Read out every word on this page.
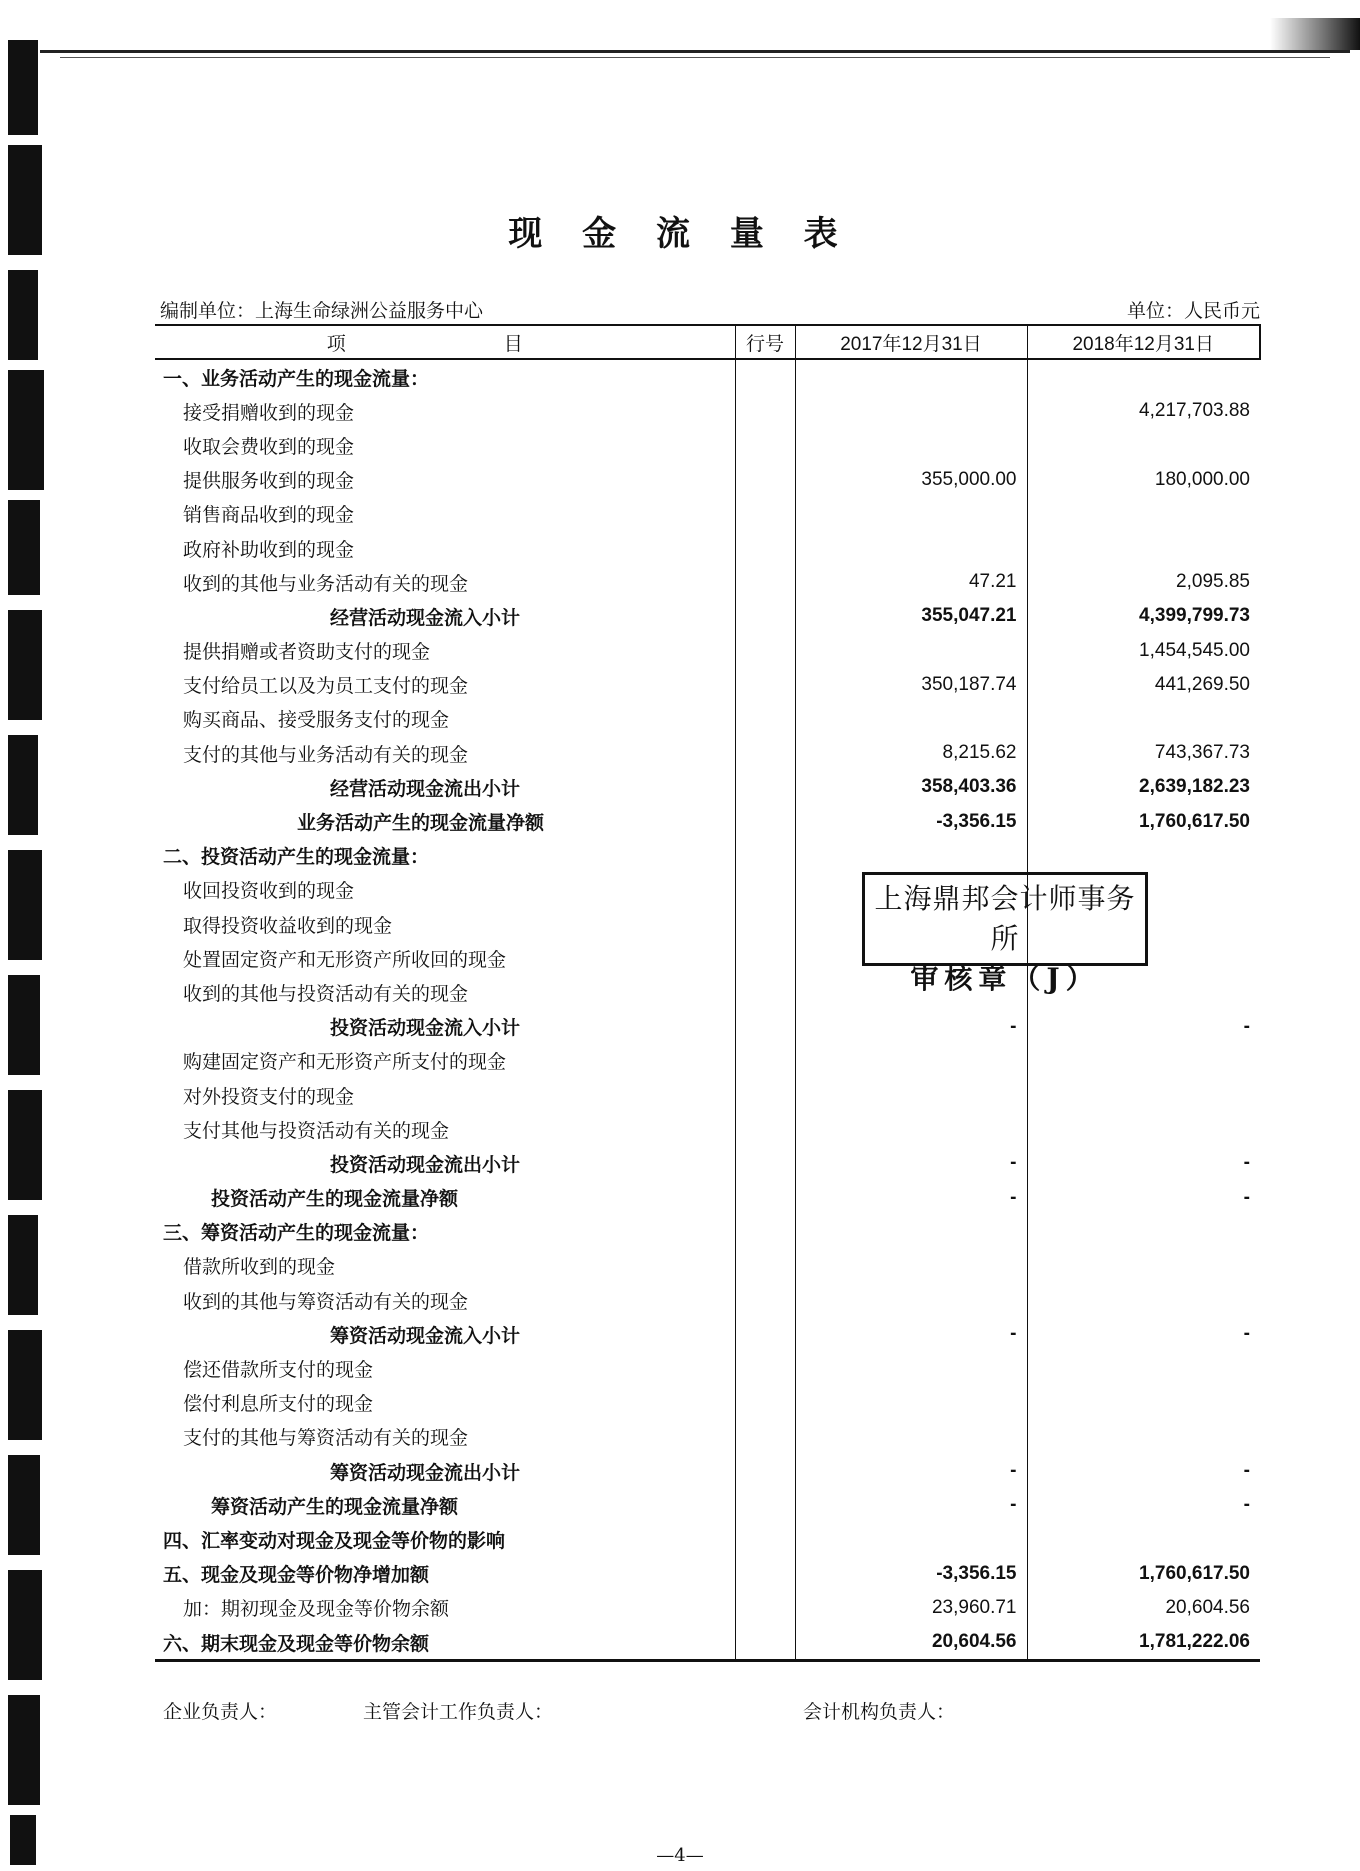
现 金 流 量 表
编制单位：上海生命绿洲公益服务中心	单位：人民币元
项　　目	行号	2017年12月31日	2018年12月31日
一、业务活动产生的现金流量：			
接受捐赠收到的现金			4,217,703.88
收取会费收到的现金			
提供服务收到的现金		355,000.00	180,000.00
销售商品收到的现金			
政府补助收到的现金			
收到的其他与业务活动有关的现金		47.21	2,095.85
经营活动现金流入小计		355,047.21	4,399,799.73
提供捐赠或者资助支付的现金			1,454,545.00
支付给员工以及为员工支付的现金		350,187.74	441,269.50
购买商品、接受服务支付的现金			
支付的其他与业务活动有关的现金		8,215.62	743,367.73
经营活动现金流出小计		358,403.36	2,639,182.23
业务活动产生的现金流量净额		-3,356.15	1,760,617.50
二、投资活动产生的现金流量：			
收回投资收到的现金			
取得投资收益收到的现金			
处置固定资产和无形资产所收回的现金			
收到的其他与投资活动有关的现金			
投资活动现金流入小计		-	-
购建固定资产和无形资产所支付的现金			
对外投资支付的现金			
支付其他与投资活动有关的现金			
投资活动现金流出小计		-	-
投资活动产生的现金流量净额		-	-
三、筹资活动产生的现金流量：			
借款所收到的现金			
收到的其他与筹资活动有关的现金			
筹资活动现金流入小计		-	-
偿还借款所支付的现金			
偿付利息所支付的现金			
支付的其他与筹资活动有关的现金			
筹资活动现金流出小计		-	-
筹资活动产生的现金流量净额		-	-
四、汇率变动对现金及现金等价物的影响			
五、现金及现金等价物净增加额		-3,356.15	1,760,617.50
加：期初现金及现金等价物余额		23,960.71	20,604.56
六、期末现金及现金等价物余额		20,604.56	1,781,222.06
上海鼎邦会计师事务所
审核章（J）
企业负责人：	主管会计工作负责人：	会计机构负责人：
—4—
